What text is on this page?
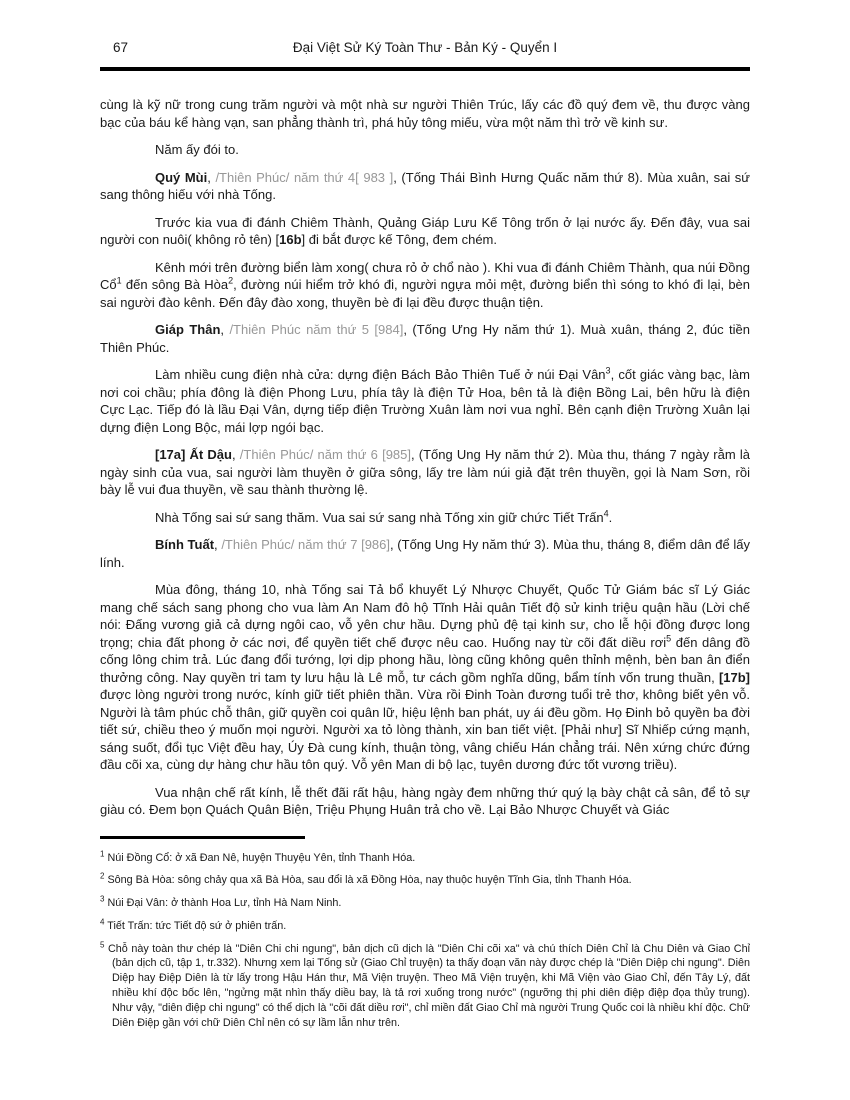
67	Đại Việt Sử Ký Toàn Thư - Bản Ký - Quyển I

cùng là kỹ nữ trong cung trăm người và một nhà sư người Thiên Trúc, lấy các đồ quý đem về, thu được vàng bạc của báu kể hàng vạn, san phẳng thành trì, phá hủy tông miếu, vừa một năm thì trở về kinh sư.

Năm ấy đói to.

Quý Mùi, /Thiên Phúc/ năm thứ 4[ 983 ], (Tống Thái Bình Hưng Quấc năm thứ 8). Mùa xuân, sai sứ sang thông hiếu với nhà Tống.

Trước kia vua đi đánh Chiêm Thành, Quảng Giáp Lưu Kế Tông trốn ở lại nước ấy. Đến đây, vua sai người con nuôi( không rỏ tên) [16b] đi bắt được kế Tông, đem chém.

Kênh mới trên đường biển làm xong( chưa rỏ ở chổ nào ). Khi vua đi đánh Chiêm Thành, qua núi Đồng Cổ$^1$ đến sông Bà Hòa$^2$, đường núi hiểm trở khó đi, người ngựa mỏi mệt, đường biển thì sóng to khó đi lại, bèn sai người đào kênh. Đến đây đào xong, thuyền bè đi lại đều được thuận tiện.

Giáp Thân, /Thiên Phúc năm thứ 5 [984], (Tống Ưng Hy năm thứ 1). Muà xuân, tháng 2, đúc tiền Thiên Phúc.

Làm nhiều cung điện nhà cửa: dựng điện Bách Bảo Thiên Tuế ở núi Đại Vân$^3$, cốt giác vàng bạc, làm nơi coi chầu; phía đông là điện Phong Lưu, phía tây là điện Tử Hoa, bên tả là điện Bồng Lai, bên hữu là điện Cực Lạc. Tiếp đó là lầu Đại Vân, dựng tiếp điện Trường Xuân làm nơi vua nghỉ. Bên cạnh điện Trường Xuân lại dựng điện Long Bộc, mái lợp ngói bạc.

[17a] Ất Dậu, /Thiên Phúc/ năm thứ 6 [985], (Tống Ung Hy năm thứ 2). Mùa thu, tháng 7 ngày rằm là ngày sinh của vua, sai người làm thuyền ở giữa sông, lấy tre làm núi giả đặt trên thuyền, gọi là Nam Sơn, rồi bày lễ vui đua thuyền, về sau thành thường lệ.

Nhà Tống sai sứ sang thăm. Vua sai sứ sang nhà Tống xin giữ chức Tiết Trấn$^4$.

Bính Tuất, /Thiên Phúc/ năm thứ 7 [986], (Tống Ung Hy năm thứ 3). Mùa thu, tháng 8, điểm dân để lấy lính.

Mùa đông, tháng 10, nhà Tống sai Tả bổ khuyết Lý Nhược Chuyết, Quốc Tử Giám bác sĩ Lý Giác mang chế sách sang phong cho vua làm An Nam đô hộ Tĩnh Hải quân Tiết độ sử kinh triệu quận hầu (Lời chế nói: Đấng vương giả cả dựng ngôi cao, vỗ yên chư hầu. Dựng phủ đệ tại kinh sư, cho lễ hội đồng được long trọng; chia đất phong ở các nơi, để quyền tiết chế được nêu cao. Huống nay từ cõi đất diều rơi$^5$ đến dâng đồ cống lông chim trả. Lúc đang đổi tướng, lợi dịp phong hầu, lòng cũng không quên thỉnh mệnh, bèn ban ân điển thưởng công. Nay quyền tri tam ty lưu hậu là Lê mỗ, tư cách gồm nghĩa dũng, bẩm tính vốn trung thuần, [17b] được lòng người trong nước, kính giữ tiết phiên thần. Vừa rồi Đinh Toàn đương tuổi trẻ thơ, không biết yên vỗ. Người là tâm phúc chỗ thân, giữ quyền coi quân lữ, hiệu lệnh ban phát, uy ái đều gồm. Họ Đinh bỏ quyền ba đời tiết sứ, chiều theo ý muốn mọi người. Người xa tỏ lòng thành, xin ban tiết việt. [Phải như] Sĩ Nhiếp cứng mạnh, sáng suốt, đổi tục Việt đều hay, Úy Đà cung kính, thuận tòng, vâng chiếu Hán chẳng trái. Nên xứng chức đứng đầu cõi xa, cùng dự hàng chư hầu tôn quý. Vỗ yên Man di bộ lạc, tuyên dương đức tốt vương triều).

Vua nhận chế rất kính, lễ thết đãi rất hậu, hàng ngày đem những thứ quý lạ bày chật cả sân, để tỏ sự giàu có. Đem bọn Quách Quân Biện, Triệu Phụng Huân trả cho về. Lại Bảo Nhược Chuyết và Giác

$^1$ Núi Đồng Cổ: ở xã Đan Nê, huyện Thuyệu Yên, tỉnh Thanh Hóa.
$^2$ Sông Bà Hòa: sông chảy qua xã Bà Hòa, sau đổi là xã Đồng Hòa, nay thuộc huyện Tĩnh Gia, tỉnh Thanh Hóa.
$^3$ Núi Đại Vân: ở thành Hoa Lư, tỉnh Hà Nam Ninh.
$^4$ Tiết Trấn: tức Tiết độ sứ ở phiên trấn.
$^5$ Chỗ này toàn thư chép là "Diên Chi chi ngung", bản dịch cũ dịch là "Diên Chi cõi xa" và chú thích Diên Chỉ là Chu Diên và Giao Chỉ (bản dịch cũ, tập 1, tr.332). Nhưng xem lại Tống sử (Giao Chỉ truyện) ta thấy đoạn văn này được chép là "Diên Diệp chi ngung". Diên Diệp hay Điệp Diên là từ lấy trong Hậu Hán thư, Mã Viện truyện. Theo Mã Viện truyện, khi Mã Viện vào Giao Chỉ, đến Tây Lý, đất nhiều khí độc bốc lên, "ngửng mặt nhìn thấy diều bay, là tả rơi xuống trong nước" (ngưỡng thị phi diên điệp điệp đọa thủy trung). Như vậy, "diên điệp chi ngung" có thể dịch là "cõi đất diều rơi", chỉ miền đất Giao Chỉ mà người Trung Quốc coi là nhiều khí độc. Chữ Diên Điệp gần với chữ Diên Chỉ nên có sự lầm lẫn như trên.
